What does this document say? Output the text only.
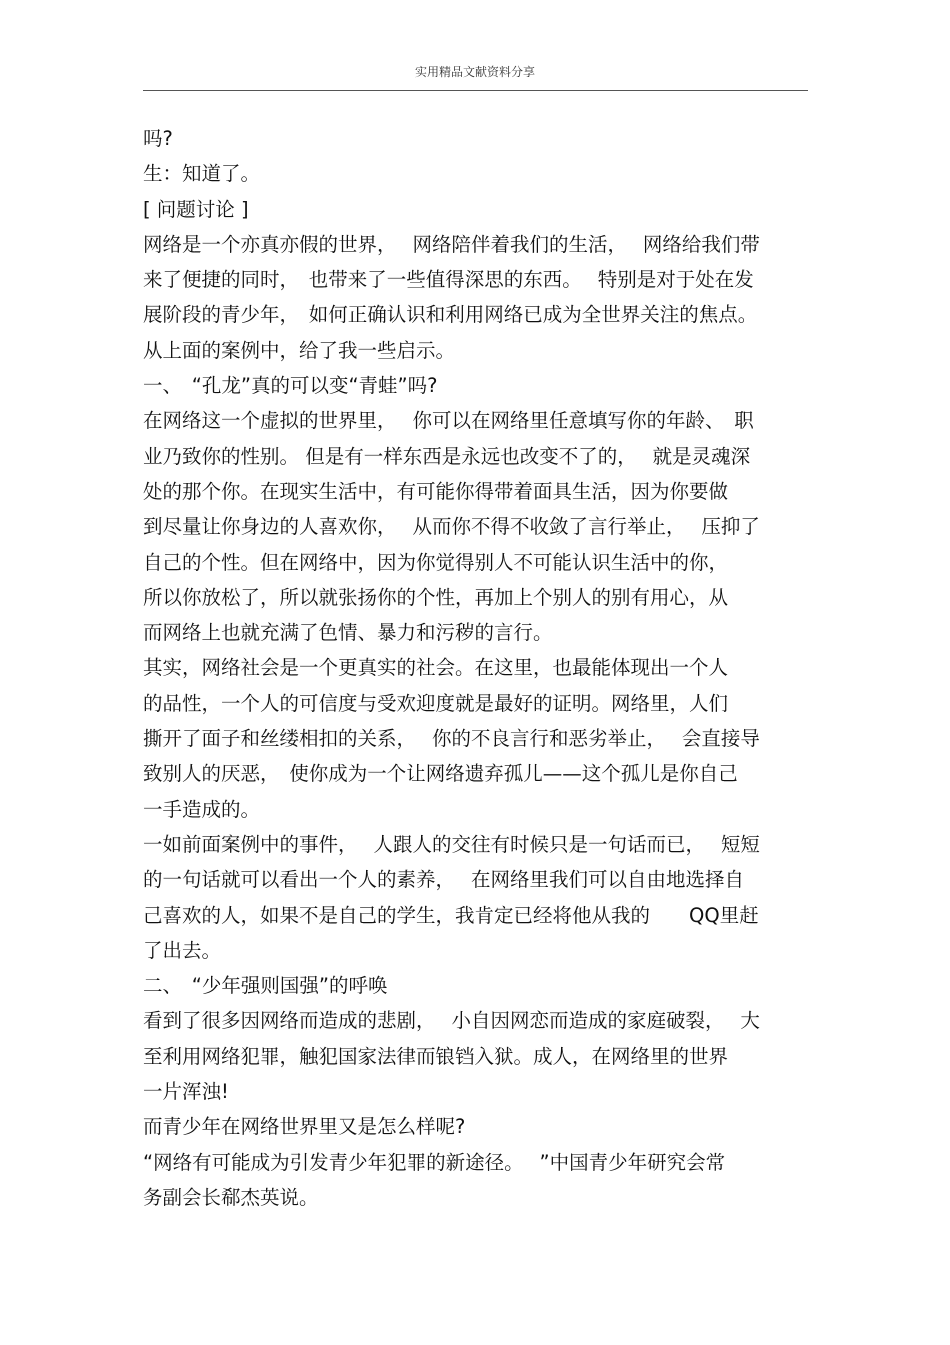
实用精品文献资料分享
吗?
生：知道了。
[ 问题讨论 ]
网络是一个亦真亦假的世界，　 网络陪伴着我们的生活，　 网络给我们带
来了便捷的同时，　也带来了一些值得深思的东西。　 特别是对于处在发
展阶段的青少年，　如何正确认识和利用网络已成为全世界关注的焦点。
从上面的案例中，给了我一些启示。
一、　“孔龙”真的可以变“青蛙”吗?
在网络这一个虚拟的世界里，　 你可以在网络里任意填写你的年龄、　职
业乃致你的性别。 但是有一样东西是永远也改变不了的，　 就是灵魂深
处的那个你。在现实生活中，有可能你得带着面具生活，因为你要做
到尽量让你身边的人喜欢你，　 从而你不得不收敛了言行举止，　 压抑了
自己的个性。但在网络中，因为你觉得别人不可能认识生活中的你，
所以你放松了，所以就张扬你的个性，再加上个别人的别有用心，从
而网络上也就充满了色情、暴力和污秽的言行。
其实，网络社会是一个更真实的社会。在这里，也最能体现出一个人
的品性，一个人的可信度与受欢迎度就是最好的证明。网络里，人们
撕开了面子和丝缕相扣的关系，　 你的不良言行和恶劣举止，　 会直接导
致别人的厌恶，　使你成为一个让网络遗弃孤儿——这个孤儿是你自己
一手造成的。
一如前面案例中的事件，　 人跟人的交往有时候只是一句话而已，　 短短
的一句话就可以看出一个人的素养，　 在网络里我们可以自由地选择自
己喜欢的人，如果不是自己的学生，我肯定已经将他从我的　　QQ里赶
了出去。
二、　“少年强则国强”的呼唤
看到了很多因网络而造成的悲剧，　 小自因网恋而造成的家庭破裂，　 大
至利用网络犯罪，触犯国家法律而锒铛入狱。成人，在网络里的世界
一片浑浊!
而青少年在网络世界里又是怎么样呢?
“网络有可能成为引发青少年犯罪的新途径。　 ”中国青少年研究会常
务副会长郗杰英说。
